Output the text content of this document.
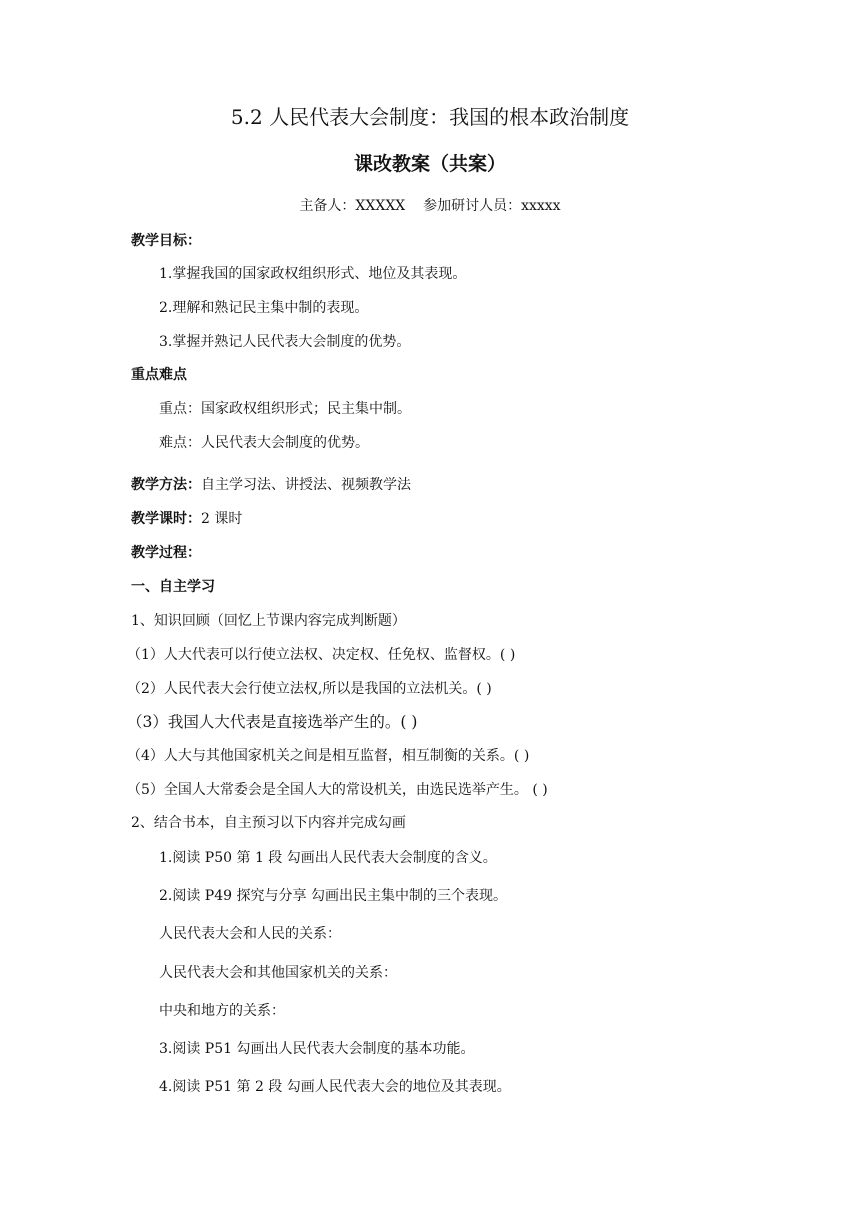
5.2 人民代表大会制度：我国的根本政治制度
课改教案（共案）
主备人：XXXXX    参加研讨人员：xxxxx
教学目标：
1.掌握我国的国家政权组织形式、地位及其表现。
2.理解和熟记民主集中制的表现。
3.掌握并熟记人民代表大会制度的优势。
重点难点
重点：国家政权组织形式；民主集中制。
难点：人民代表大会制度的优势。
教学方法：自主学习法、讲授法、视频教学法
教学课时：2 课时
教学过程：
一、自主学习
1、知识回顾（回忆上节课内容完成判断题）
（1）人大代表可以行使立法权、决定权、任免权、监督权。( )
（2）人民代表大会行使立法权,所以是我国的立法机关。( )
（3）我国人大代表是直接选举产生的。( )
（4）人大与其他国家机关之间是相互监督，相互制衡的关系。( )
（5）全国人大常委会是全国人大的常设机关，由选民选举产生。 ( )
2、结合书本，自主预习以下内容并完成勾画
1.阅读 P50 第 1 段 勾画出人民代表大会制度的含义。
2.阅读 P49 探究与分享 勾画出民主集中制的三个表现。
人民代表大会和人民的关系：
人民代表大会和其他国家机关的关系：
中央和地方的关系：
3.阅读 P51 勾画出人民代表大会制度的基本功能。
4.阅读 P51 第 2 段 勾画人民代表大会的地位及其表现。
